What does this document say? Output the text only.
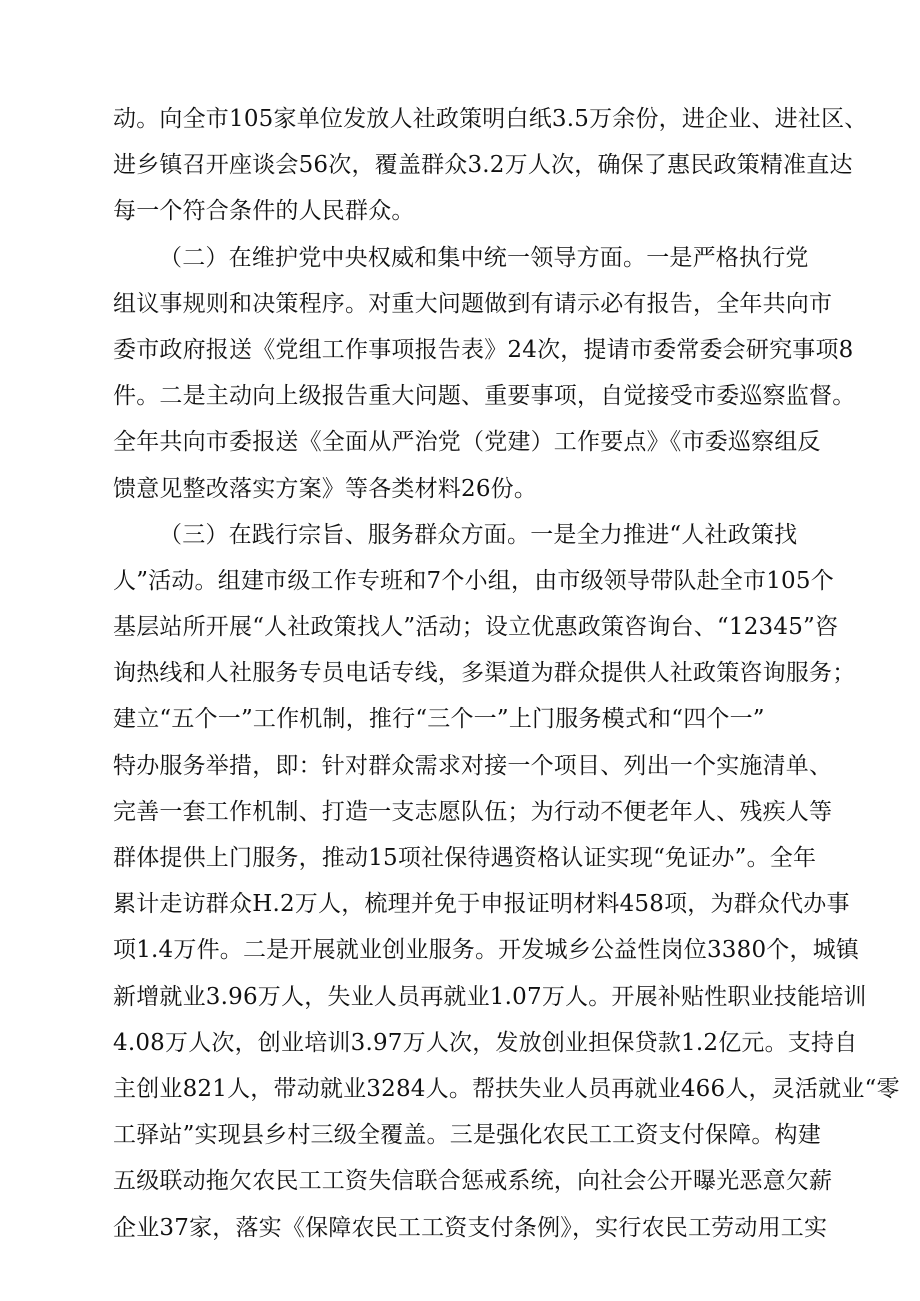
动。向全市105家单位发放人社政策明白纸3.5万余份，进企业、进社区、
进乡镇召开座谈会56次，覆盖群众3.2万人次，确保了惠民政策精准直达
每一个符合条件的人民群众。
（二）在维护党中央权威和集中统一领导方面。一是严格执行党
组议事规则和决策程序。对重大问题做到有请示必有报告，全年共向市
委市政府报送《党组工作事项报告表》24次，提请市委常委会研究事项8
件。二是主动向上级报告重大问题、重要事项，自觉接受市委巡察监督。
全年共向市委报送《全面从严治党（党建）工作要点》《市委巡察组反
馈意见整改落实方案》等各类材料26份。
（三）在践行宗旨、服务群众方面。一是全力推进“人社政策找
人”活动。组建市级工作专班和7个小组，由市级领导带队赴全市105个
基层站所开展“人社政策找人”活动；设立优惠政策咨询台、“12345”咨
询热线和人社服务专员电话专线，多渠道为群众提供人社政策咨询服务；
建立“五个一”工作机制，推行“三个一”上门服务模式和“四个一”
特办服务举措，即：针对群众需求对接一个项目、列出一个实施清单、
完善一套工作机制、打造一支志愿队伍；为行动不便老年人、残疾人等
群体提供上门服务，推动15项社保待遇资格认证实现“免证办”。全年
累计走访群众H.2万人，梳理并免于申报证明材料458项，为群众代办事
项1.4万件。二是开展就业创业服务。开发城乡公益性岗位3380个，城镇
新增就业3.96万人，失业人员再就业1.07万人。开展补贴性职业技能培训
4.08万人次，创业培训3.97万人次，发放创业担保贷款1.2亿元。支持自
主创业821人，带动就业3284人。帮扶失业人员再就业466人，灵活就业“零
工驿站”实现县乡村三级全覆盖。三是强化农民工工资支付保障。构建
五级联动拖欠农民工工资失信联合惩戒系统，向社会公开曝光恶意欠薪
企业37家，落实《保障农民工工资支付条例》，实行农民工劳动用工实
